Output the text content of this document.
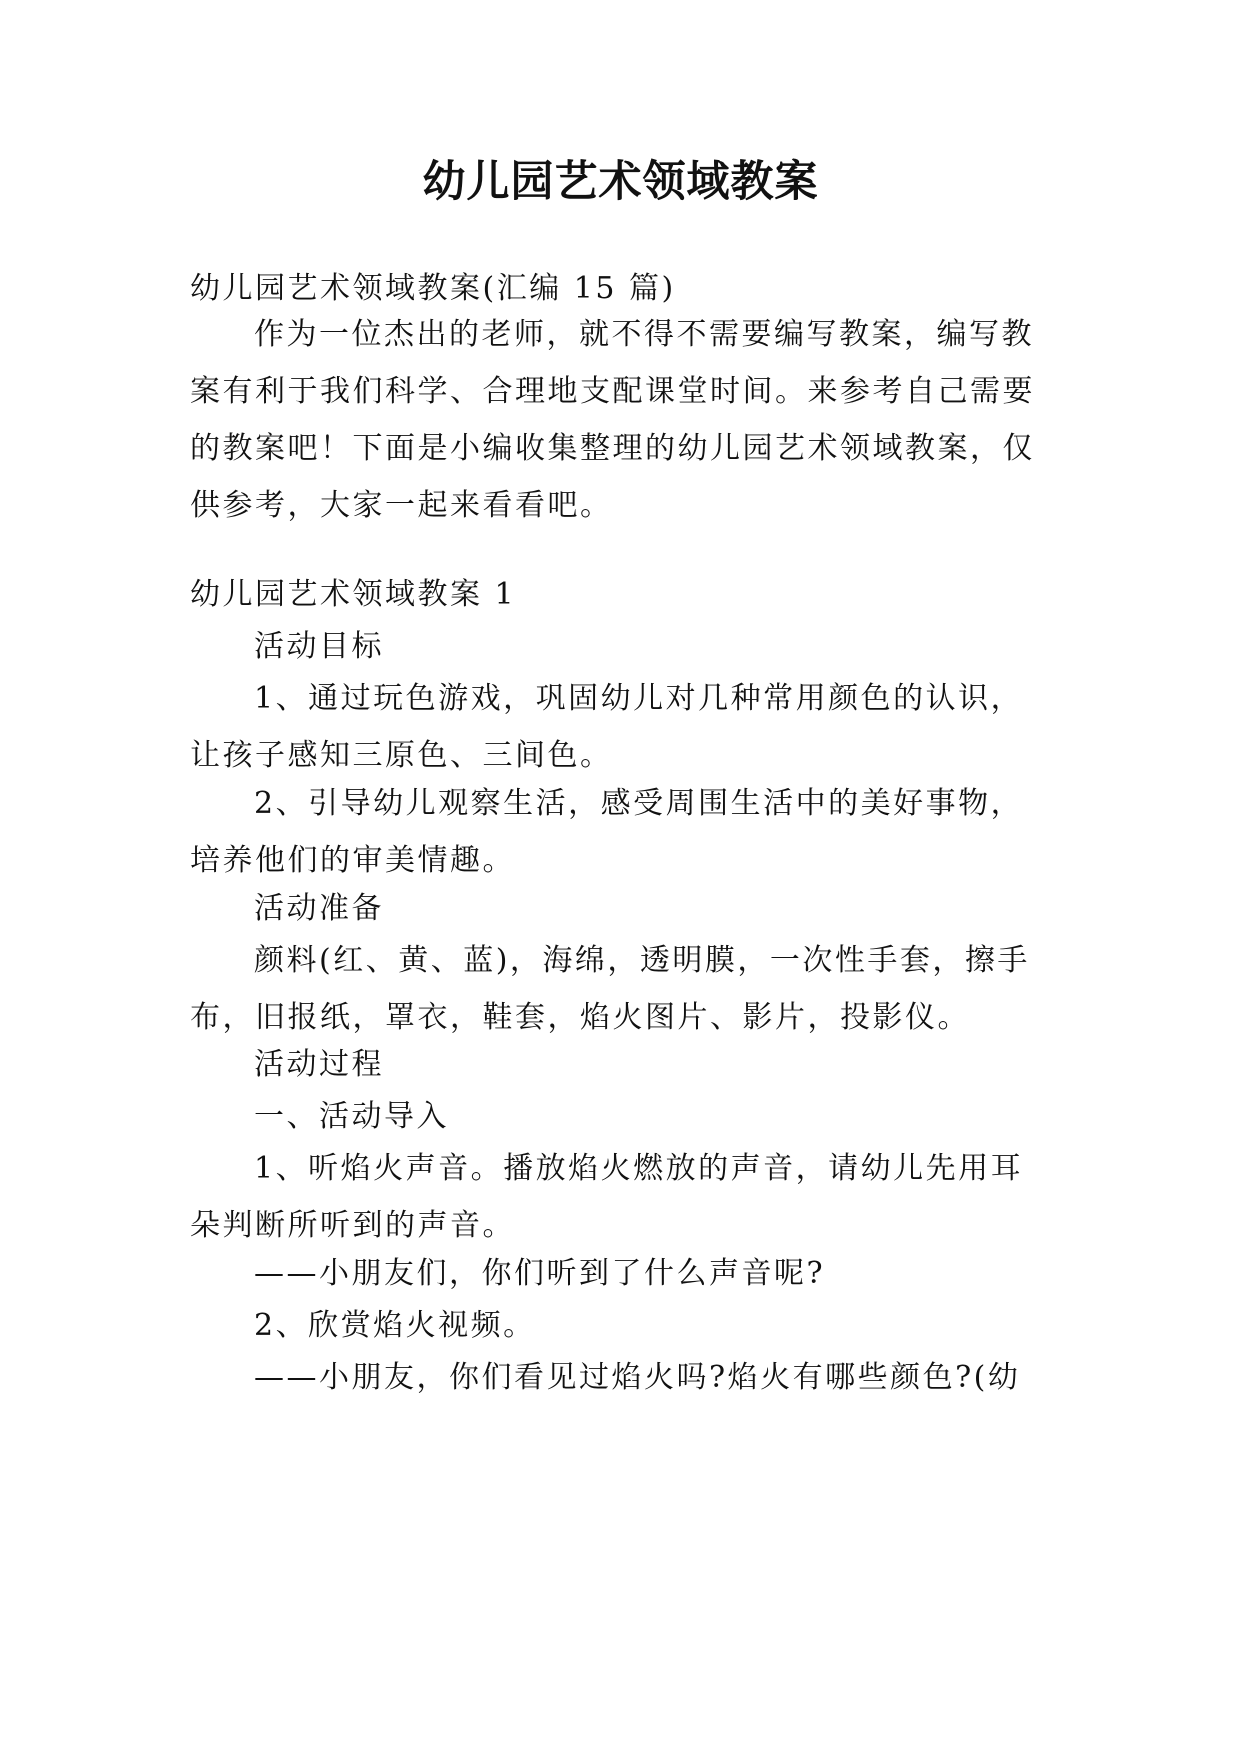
幼儿园艺术领域教案
幼儿园艺术领域教案(汇编 15 篇)
作为一位杰出的老师，就不得不需要编写教案，编写教案有利于我们科学、合理地支配课堂时间。来参考自己需要的教案吧！下面是小编收集整理的幼儿园艺术领域教案，仅供参考，大家一起来看看吧。
幼儿园艺术领域教案 1
活动目标
1、通过玩色游戏，巩固幼儿对几种常用颜色的认识，让孩子感知三原色、三间色。
2、引导幼儿观察生活，感受周围生活中的美好事物，培养他们的审美情趣。
活动准备
颜料(红、黄、蓝)，海绵，透明膜，一次性手套，擦手布，旧报纸，罩衣，鞋套，焰火图片、影片，投影仪。
活动过程
一、活动导入
1、听焰火声音。播放焰火燃放的声音，请幼儿先用耳朵判断所听到的声音。
——小朋友们，你们听到了什么声音呢?
2、欣赏焰火视频。
——小朋友，你们看见过焰火吗?焰火有哪些颜色?(幼
